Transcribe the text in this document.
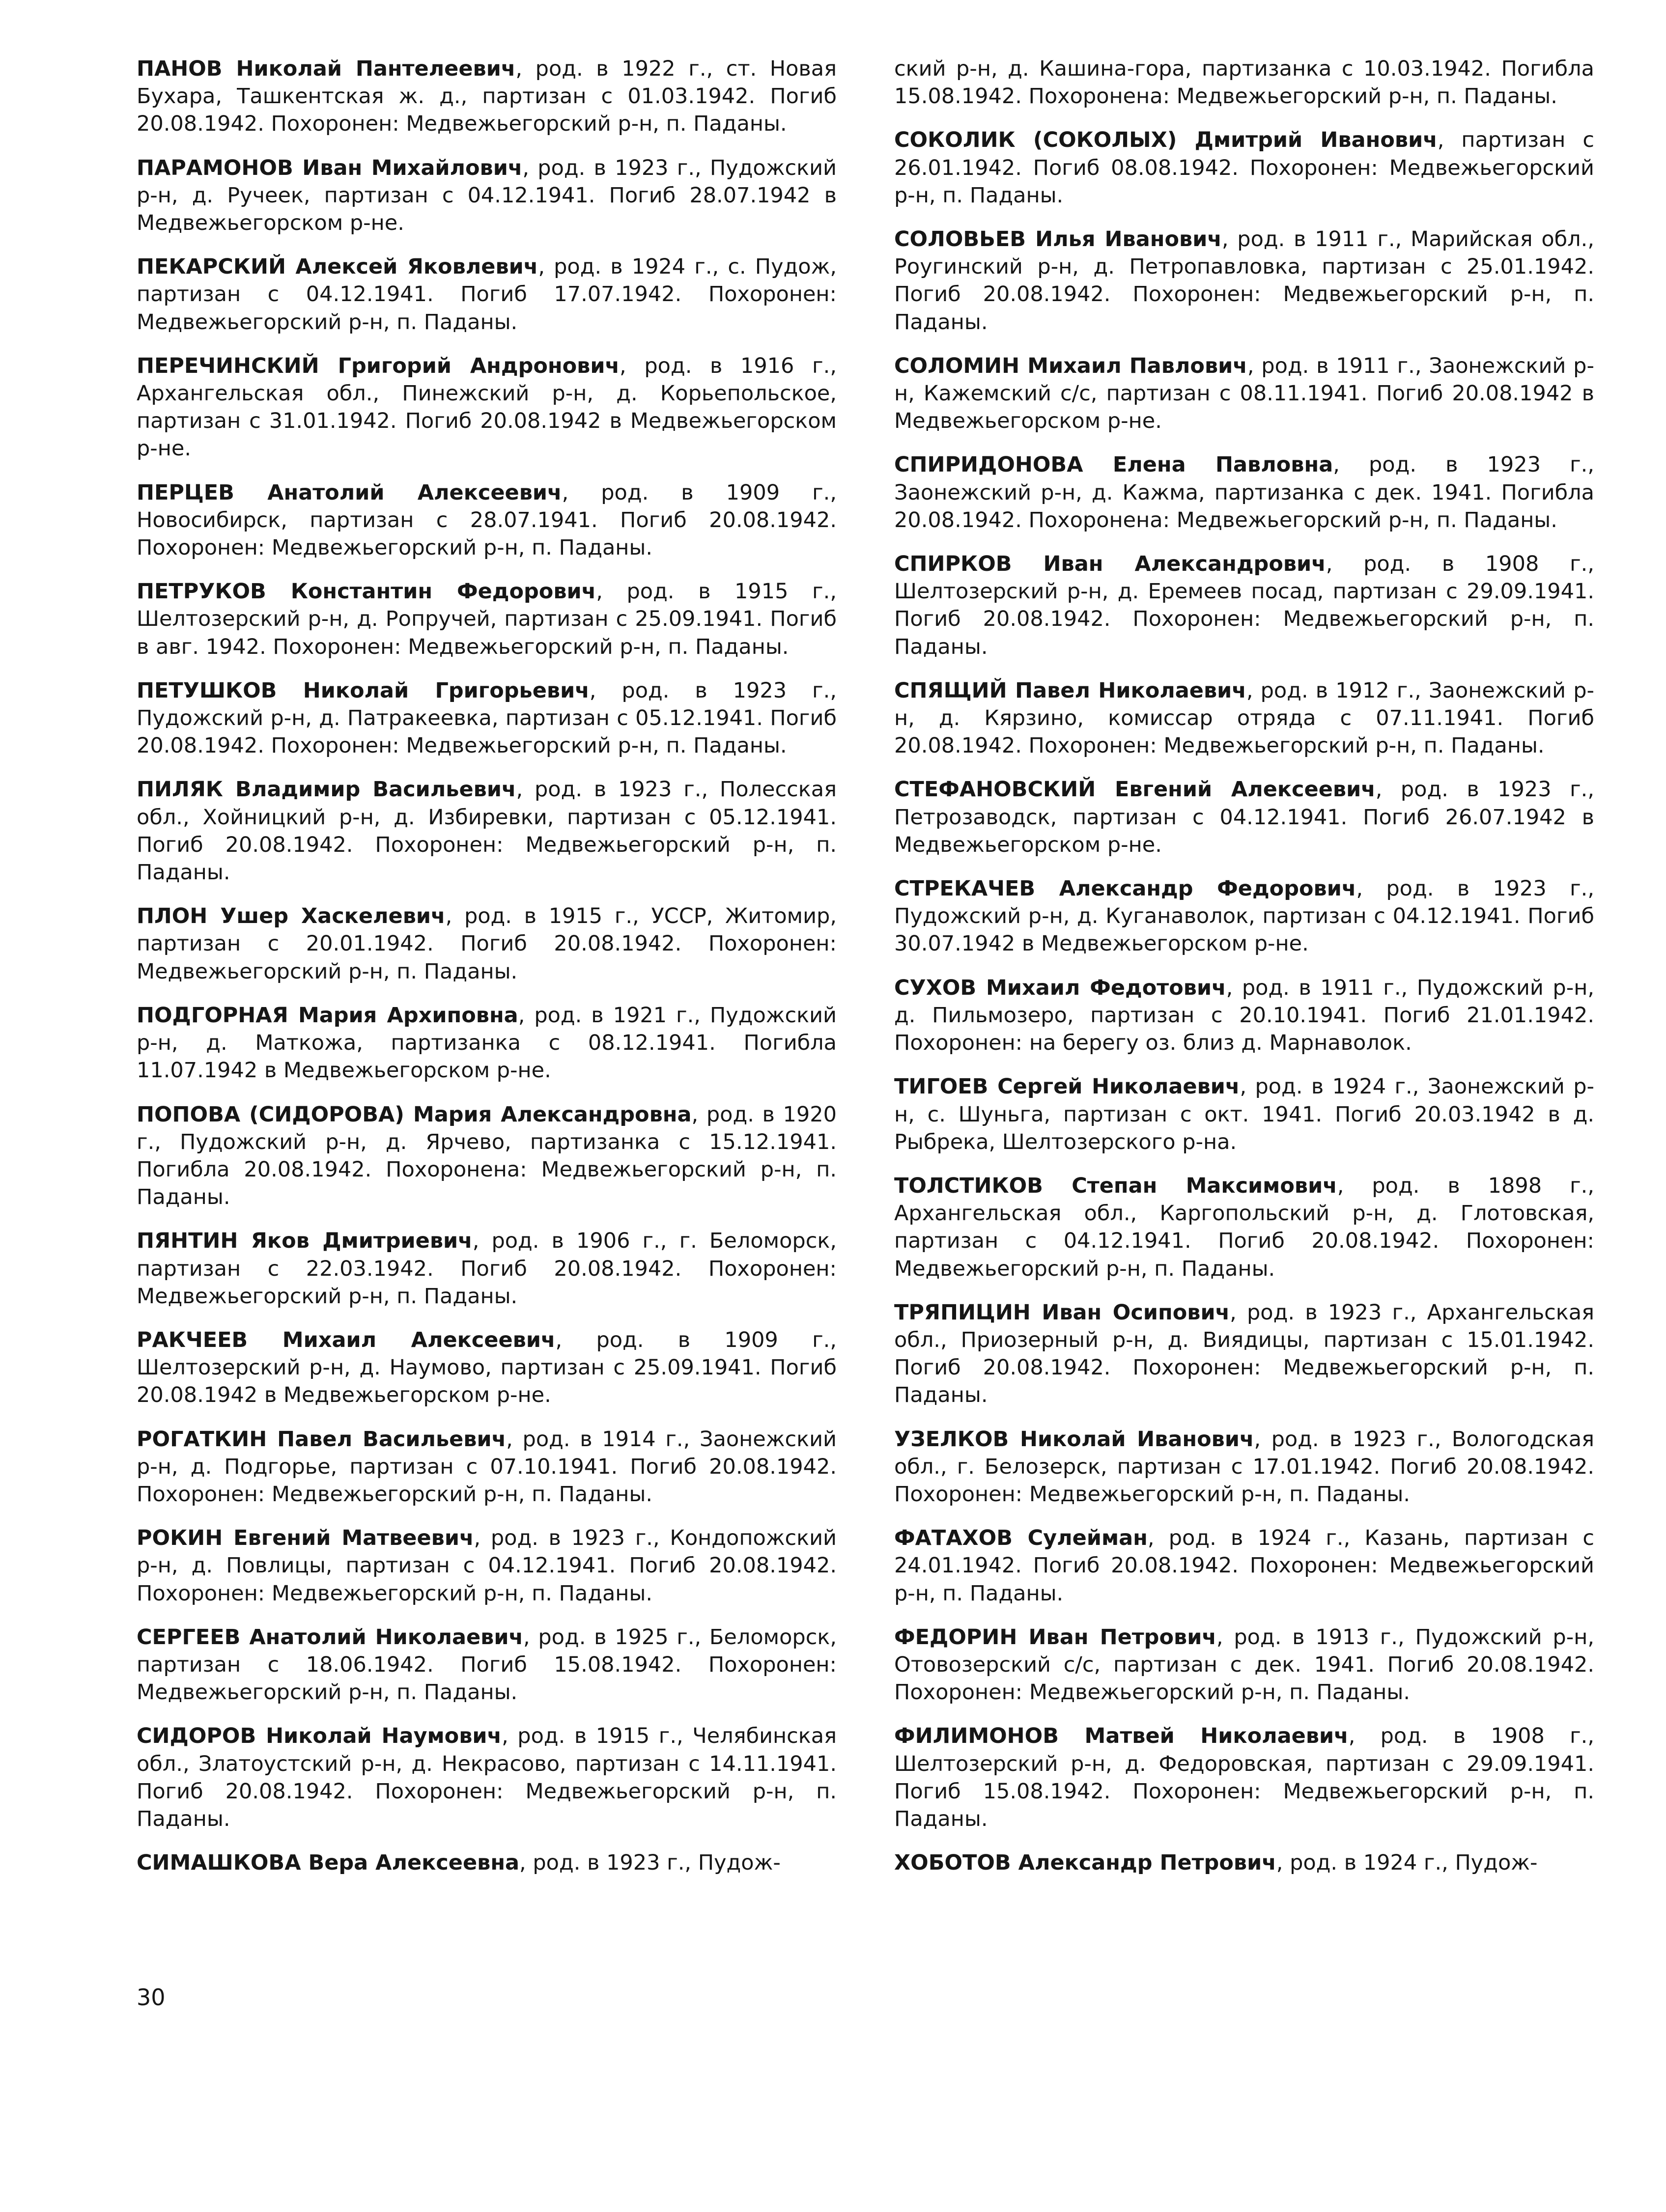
ПАНОВ Николай Пантелеевич, род. в 1922 г., ст. Новая Бухара, Ташкентская ж. д., партизан с 01.03.1942. Погиб 20.08.1942. Похоронен: Медвежьегорский р-н, п. Паданы.

ПАРАМОНОВ Иван Михайлович, род. в 1923 г., Пудожский р-н, д. Ручеек, партизан с 04.12.1941. Погиб 28.07.1942 в Медвежьегорском р-не.

ПЕКАРСКИЙ Алексей Яковлевич, род. в 1924 г., с. Пудож, партизан с 04.12.1941. Погиб 17.07.1942. Похоронен: Медвежьегорский р-н, п. Паданы.

ПЕРЕЧИНСКИЙ Григорий Андронович, род. в 1916 г., Архангельская обл., Пинежский р-н, д. Корьепольское, партизан с 31.01.1942. Погиб 20.08.1942 в Медвежьегорском р-не.

ПЕРЦЕВ Анатолий Алексеевич, род. в 1909 г., Новосибирск, партизан с 28.07.1941. Погиб 20.08.1942. Похоронен: Медвежьегорский р-н, п. Паданы.

ПЕТРУКОВ Константин Федорович, род. в 1915 г., Шелтозерский р-н, д. Ропручей, партизан с 25.09.1941. Погиб в авг. 1942. Похоронен: Медвежьегорский р-н, п. Паданы.

ПЕТУШКОВ Николай Григорьевич, род. в 1923 г., Пудожский р-н, д. Патракеевка, партизан с 05.12.1941. Погиб 20.08.1942. Похоронен: Медвежьегорский р-н, п. Паданы.

ПИЛЯК Владимир Васильевич, род. в 1923 г., Полесская обл., Хойницкий р-н, д. Избиревки, партизан с 05.12.1941. Погиб 20.08.1942. Похоронен: Медвежьегорский р-н, п. Паданы.

ПЛОН Ушер Хаскелевич, род. в 1915 г., УССР, Житомир, партизан с 20.01.1942. Погиб 20.08.1942. Похоронен: Медвежьегорский р-н, п. Паданы.

ПОДГОРНАЯ Мария Архиповна, род. в 1921 г., Пудожский р-н, д. Маткожа, партизанка с 08.12.1941. Погибла 11.07.1942 в Медвежьегорском р-не.

ПОПОВА (СИДОРОВА) Мария Александровна, род. в 1920 г., Пудожский р-н, д. Ярчево, партизанка с 15.12.1941. Погибла 20.08.1942. Похоронена: Медвежьегорский р-н, п. Паданы.

ПЯНТИН Яков Дмитриевич, род. в 1906 г., г. Беломорск, партизан с 22.03.1942. Погиб 20.08.1942. Похоронен: Медвежьегорский р-н, п. Паданы.

РАКЧЕЕВ Михаил Алексеевич, род. в 1909 г., Шелтозерский р-н, д. Наумово, партизан с 25.09.1941. Погиб 20.08.1942 в Медвежьегорском р-не.

РОГАТКИН Павел Васильевич, род. в 1914 г., Заонежский р-н, д. Подгорье, партизан с 07.10.1941. Погиб 20.08.1942. Похоронен: Медвежьегорский р-н, п. Паданы.

РОКИН Евгений Матвеевич, род. в 1923 г., Кондопожский р-н, д. Повлицы, партизан с 04.12.1941. Погиб 20.08.1942. Похоронен: Медвежьегорский р-н, п. Паданы.

СЕРГЕЕВ Анатолий Николаевич, род. в 1925 г., Беломорск, партизан с 18.06.1942. Погиб 15.08.1942. Похоронен: Медвежьегорский р-н, п. Паданы.

СИДОРОВ Николай Наумович, род. в 1915 г., Челябинская обл., Златоустский р-н, д. Некрасово, партизан с 14.11.1941. Погиб 20.08.1942. Похоронен: Медвежьегорский р-н, п. Паданы.

СИМАШКОВА Вера Алексеевна, род. в 1923 г., Пудож-

ский р-н, д. Кашина-гора, партизанка с 10.03.1942. Погибла 15.08.1942. Похоронена: Медвежьегорский р-н, п. Паданы.

СОКОЛИК (СОКОЛЫХ) Дмитрий Иванович, партизан с 26.01.1942. Погиб 08.08.1942. Похоронен: Медвежьегорский р-н, п. Паданы.

СОЛОВЬЕВ Илья Иванович, род. в 1911 г., Марийская обл., Роугинский р-н, д. Петропавловка, партизан с 25.01.1942. Погиб 20.08.1942. Похоронен: Медвежьегорский р-н, п. Паданы.

СОЛОМИН Михаил Павлович, род. в 1911 г., Заонежский р-н, Кажемский с/с, партизан с 08.11.1941. Погиб 20.08.1942 в Медвежьегорском р-не.

СПИРИДОНОВА Елена Павловна, род. в 1923 г., Заонежский р-н, д. Кажма, партизанка с дек. 1941. Погибла 20.08.1942. Похоронена: Медвежьегорский р-н, п. Паданы.

СПИРКОВ Иван Александрович, род. в 1908 г., Шелтозерский р-н, д. Еремеев посад, партизан с 29.09.1941. Погиб 20.08.1942. Похоронен: Медвежьегорский р-н, п. Паданы.

СПЯЩИЙ Павел Николаевич, род. в 1912 г., Заонежский р-н, д. Кярзино, комиссар отряда с 07.11.1941. Погиб 20.08.1942. Похоронен: Медвежьегорский р-н, п. Паданы.

СТЕФАНОВСКИЙ Евгений Алексеевич, род. в 1923 г., Петрозаводск, партизан с 04.12.1941. Погиб 26.07.1942 в Медвежьегорском р-не.

СТРЕКАЧЕВ Александр Федорович, род. в 1923 г., Пудожский р-н, д. Куганаволок, партизан с 04.12.1941. Погиб 30.07.1942 в Медвежьегорском р-не.

СУХОВ Михаил Федотович, род. в 1911 г., Пудожский р-н, д. Пильмозеро, партизан с 20.10.1941. Погиб 21.01.1942. Похоронен: на берегу оз. близ д. Марнаволок.

ТИГОЕВ Сергей Николаевич, род. в 1924 г., Заонежский р-н, с. Шуньга, партизан с окт. 1941. Погиб 20.03.1942 в д. Рыбрека, Шелтозерского р-на.

ТОЛСТИКОВ Степан Максимович, род. в 1898 г., Архангельская обл., Каргопольский р-н, д. Глотовская, партизан с 04.12.1941. Погиб 20.08.1942. Похоронен: Медвежьегорский р-н, п. Паданы.

ТРЯПИЦИН Иван Осипович, род. в 1923 г., Архангельская обл., Приозерный р-н, д. Виядицы, партизан с 15.01.1942. Погиб 20.08.1942. Похоронен: Медвежьегорский р-н, п. Паданы.

УЗЕЛКОВ Николай Иванович, род. в 1923 г., Вологодская обл., г. Белозерск, партизан с 17.01.1942. Погиб 20.08.1942. Похоронен: Медвежьегорский р-н, п. Паданы.

ФАТАХОВ Сулейман, род. в 1924 г., Казань, партизан с 24.01.1942. Погиб 20.08.1942. Похоронен: Медвежьегорский р-н, п. Паданы.

ФЕДОРИН Иван Петрович, род. в 1913 г., Пудожский р-н, Отовозерский с/с, партизан с дек. 1941. Погиб 20.08.1942. Похоронен: Медвежьегорский р-н, п. Паданы.

ФИЛИМОНОВ Матвей Николаевич, род. в 1908 г., Шелтозерский р-н, д. Федоровская, партизан с 29.09.1941. Погиб 15.08.1942. Похоронен: Медвежьегорский р-н, п. Паданы.

ХОБОТОВ Александр Петрович, род. в 1924 г., Пудож-

30
